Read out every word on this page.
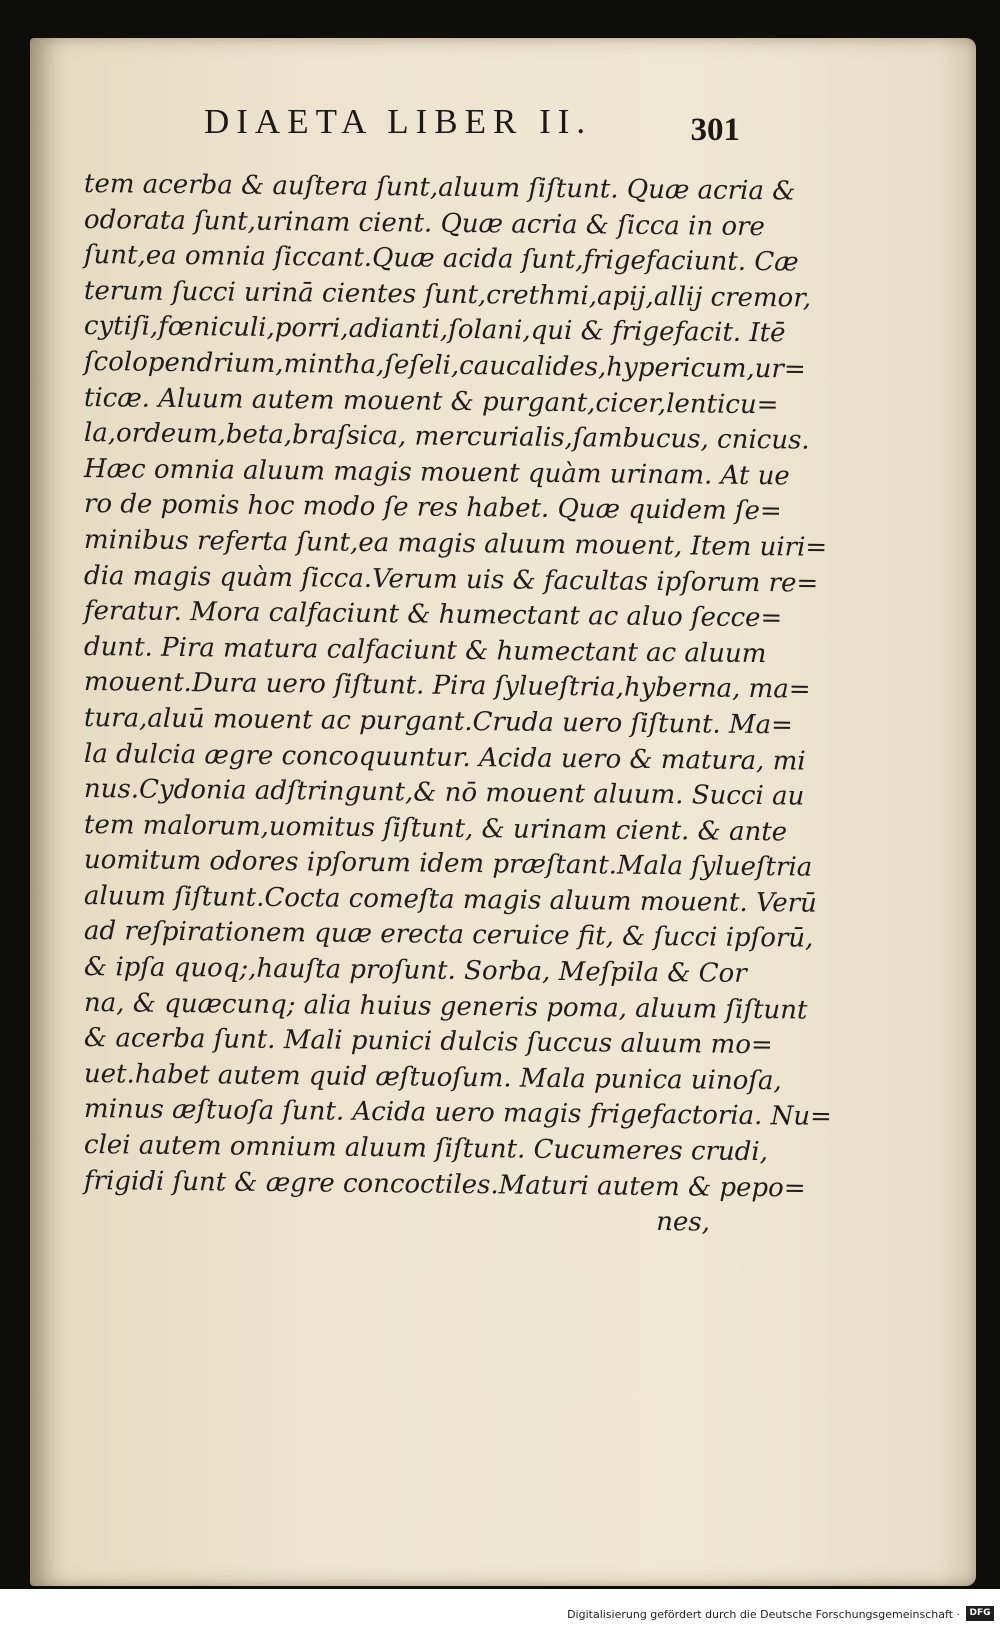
DIAETA LIBER II.	301
tem acerba & auſtera ſunt,aluum ſiſtunt. Quæ acria &
odorata ſunt,urinam cient. Quæ acria & ſicca in ore
ſunt,ea omnia ſiccant.Quæ acida ſunt,frigefaciunt. Cæ
terum ſucci urinā cientes ſunt,crethmi,apij,allij cremor,
cytiſi,fœniculi,porri,adianti,ſolani,qui & frigefacit. Itē
ſcolopendrium,mintha,ſeſeli,caucalides,hypericum,ur=
ticæ. Aluum autem mouent & purgant,cicer,lenticu=
la,ordeum,beta,braſsica, mercurialis,ſambucus, cnicus.
Hæc omnia aluum magis mouent quàm urinam. At ue
ro de pomis hoc modo ſe res habet. Quæ quidem ſe=
minibus referta ſunt,ea magis aluum mouent, Item uiri=
dia magis quàm ſicca.Verum uis & facultas ipſorum re=
feratur. Mora calfaciunt & humectant ac aluo ſecce=
dunt. Pira matura calfaciunt & humectant ac aluum
mouent.Dura uero ſiſtunt. Pira ſylueſtria,hyberna, ma=
tura,aluū mouent ac purgant.Cruda uero ſiſtunt. Ma=
la dulcia ægre concoquuntur. Acida uero & matura, mi
nus.Cydonia adſtringunt,& nō mouent aluum. Succi au
tem malorum,uomitus ſiſtunt, & urinam cient. & ante
uomitum odores ipſorum idem præſtant.Mala ſylueſtria
aluum ſiſtunt.Cocta comeſta magis aluum mouent. Verū
ad reſpirationem quæ erecta ceruice fit, & ſucci ipſorū,
& ipſa quoq;,hauſta proſunt. Sorba, Meſpila & Cor
na, & quæcunq; alia huius generis poma, aluum ſiſtunt
& acerba ſunt. Mali punici dulcis ſuccus aluum mo=
uet.habet autem quid æſtuoſum. Mala punica uinoſa,
minus æſtuoſa ſunt. Acida uero magis frigefactoria. Nu=
clei autem omnium aluum ſiſtunt. Cucumeres crudi,
frigidi ſunt & ægre concoctiles.Maturi autem & pepo=
nes,
Digitalisierung gefördert durch die Deutsche Forschungsgemeinschaft ·	DFG
